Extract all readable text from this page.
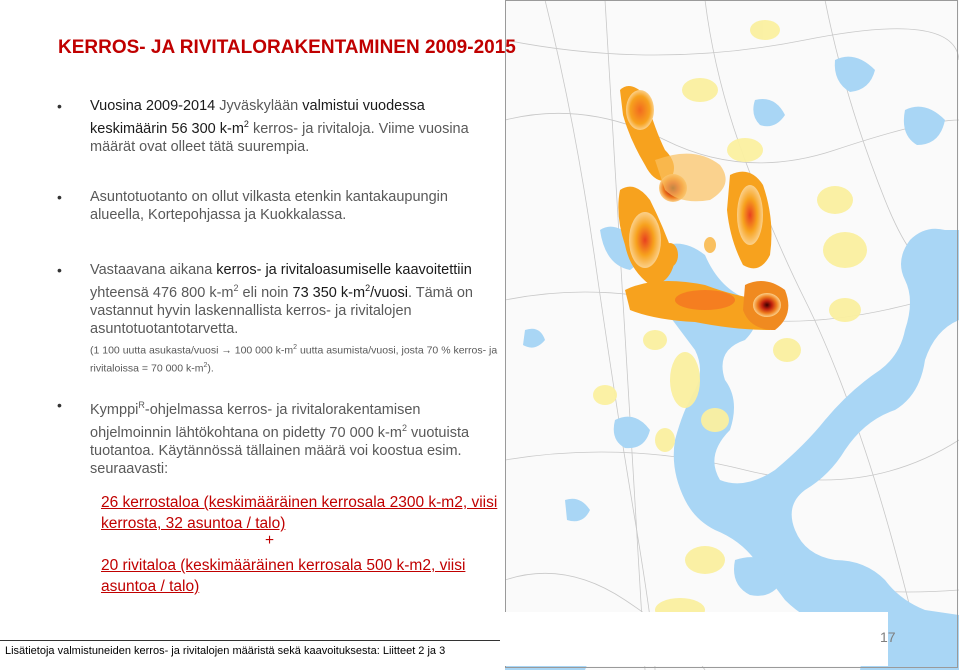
KERROS- JA RIVITALORAKENTAMINEN 2009-2015
• Vuosina 2009-2014 Jyväskylään valmistui vuodessa keskimäärin 56 300 $k-m^2$ kerros- ja rivitaloja. Viime vuosina määrät ovat olleet tätä suurempia.
• Asuntotuotanto on ollut vilkasta etenkin kantakaupungin alueella, Kortepohjassa ja Kuokkalassa.
• Vastaavana aikana kerros- ja rivitaloasumiselle kaavoitettiin yhteensä 476 800 $k-m^2$ eli noin 73 350 $k-m^2$/vuosi. Tämä on vastannut hyvin laskennallista kerros- ja rivitalojen asuntotuotantotarvetta.
(1 100 uutta asukasta/vuosi → 100 000 $k-m^2$ uutta asumista/vuosi, josta 70 % kerros- ja rivitaloissa = 70 000 $k-m^2$).
• Kymppi$^R$-ohjelmassa kerros- ja rivitalorakentamisen ohjelmoinnin lähtökohtana on pidetty 70 000 $k-m^2$ vuotuista tuotantoa. Käytännössä tällainen määrä voi koostua esim. seuraavasti:
26 kerrostaloa (keskimääräinen kerrosala 2300 k-m2, viisi kerrosta, 32 asuntoa / talo)
+
20 rivitaloa (keskimääräinen kerrosala 500 k-m2, viisi asuntoa / talo)
Lisätietoja valmistuneiden kerros- ja rivitalojen määristä sekä kaavoituksesta: Liitteet 2 ja 3
17
